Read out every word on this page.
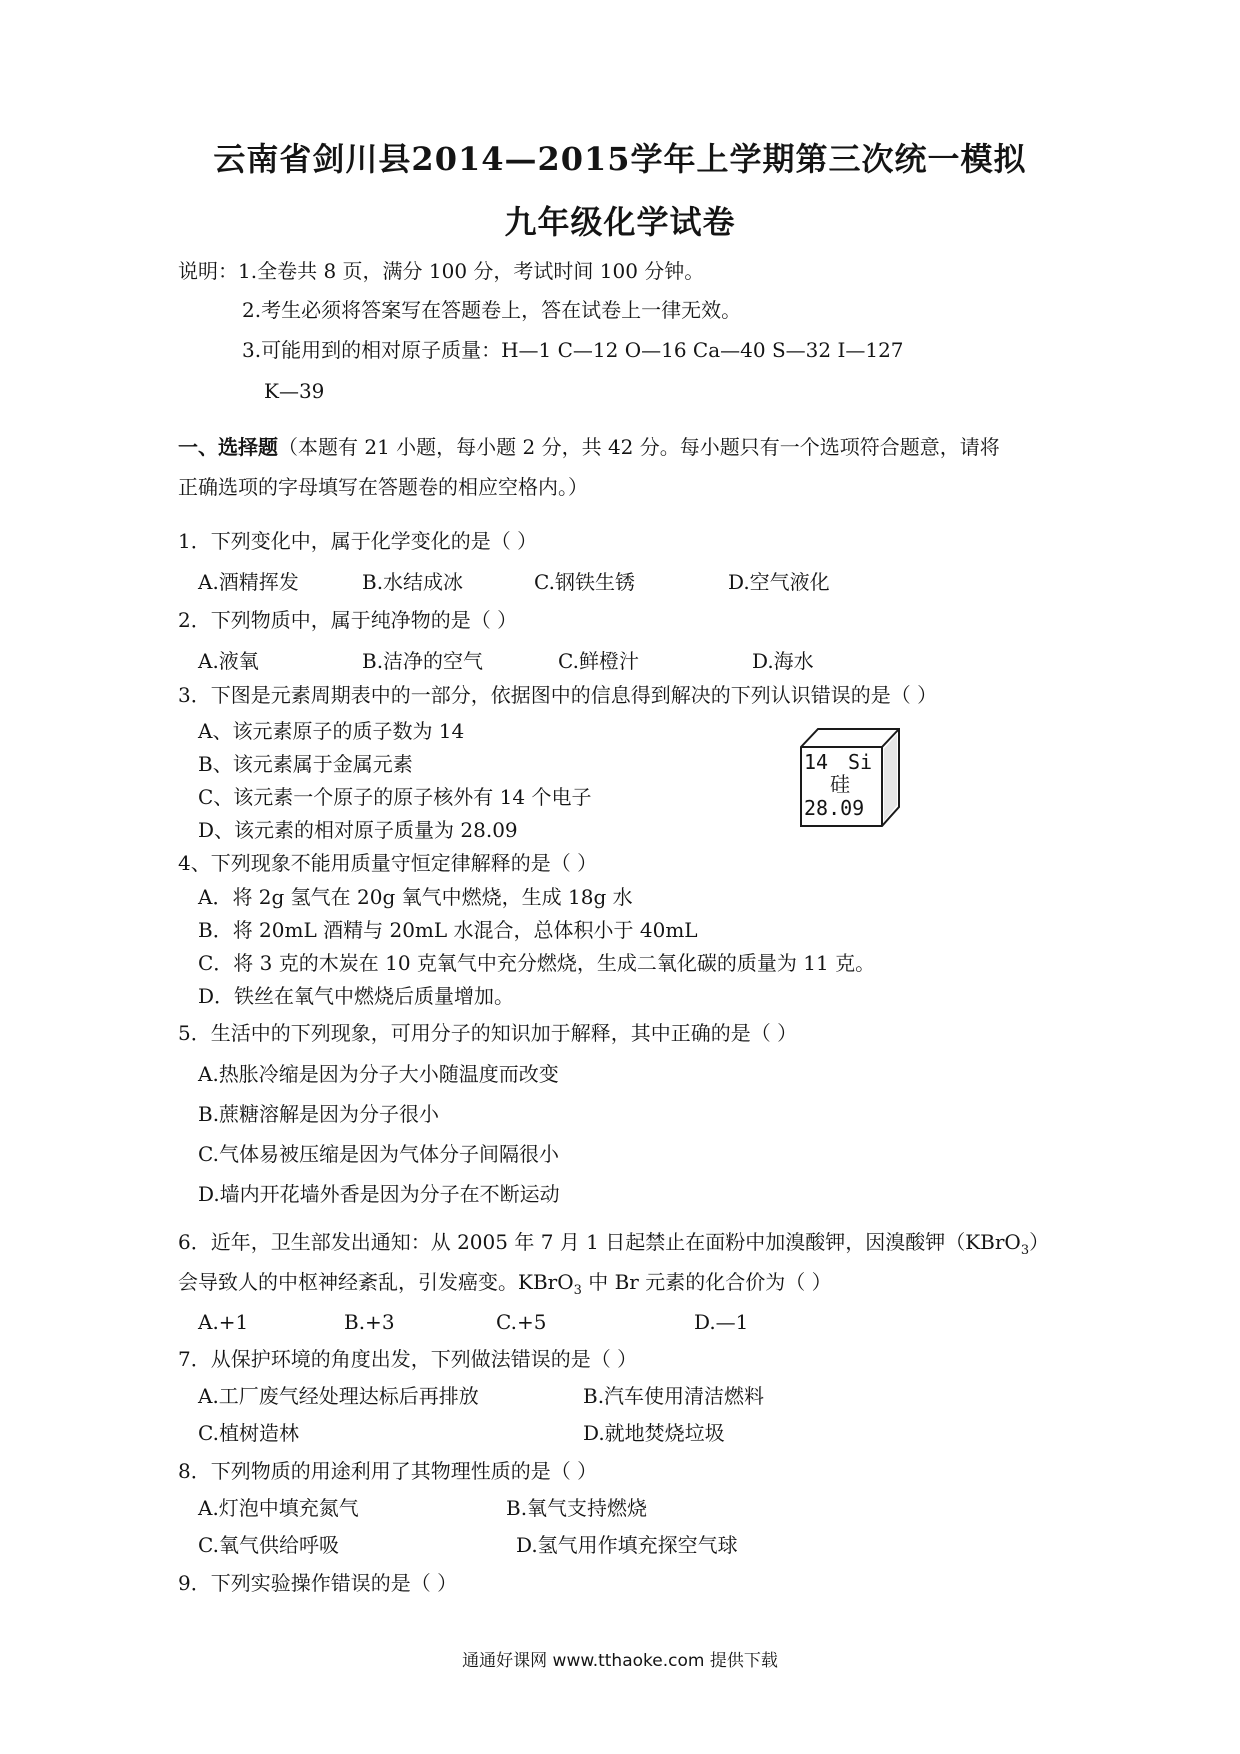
云南省剑川县2014—2015学年上学期第三次统一模拟
九年级化学试卷
说明：1.全卷共 8 页，满分 100 分，考试时间 100 分钟。
2.考生必须将答案写在答题卷上，答在试卷上一律无效。
3.可能用到的相对原子质量：H—1 C—12 O—16 Ca—40 S—32 I—127
K—39
一、选择题（本题有 21 小题，每小题 2 分，共 42 分。每小题只有一个选项符合题意，请将
正确选项的字母填写在答题卷的相应空格内。）
1．下列变化中，属于化学变化的是（ ）
A.酒精挥发	B.水结成冰	C.钢铁生锈	D.空气液化
2．下列物质中，属于纯净物的是（ ）
A.液氧	B.洁净的空气	C.鲜橙汁	D.海水
3．下图是元素周期表中的一部分，依据图中的信息得到解决的下列认识错误的是（ ）
A、该元素原子的质子数为 14
B、该元素属于金属元素
C、该元素一个原子的原子核外有 14 个电子
D、该元素的相对原子质量为 28.09
14 Si
硅
28.09
4、下列现象不能用质量守恒定律解释的是（ ）
A．将 2g 氢气在 20g 氧气中燃烧，生成 18g 水
B．将 20mL 酒精与 20mL 水混合，总体积小于 40mL
C．将 3 克的木炭在 10 克氧气中充分燃烧，生成二氧化碳的质量为 11 克。
D．铁丝在氧气中燃烧后质量增加。
5．生活中的下列现象，可用分子的知识加于解释，其中正确的是（ ）
A.热胀冷缩是因为分子大小随温度而改变
B.蔗糖溶解是因为分子很小
C.气体易被压缩是因为气体分子间隔很小
D.墙内开花墙外香是因为分子在不断运动
6．近年，卫生部发出通知：从 2005 年 7 月 1 日起禁止在面粉中加溴酸钾，因溴酸钾（KBrO$_3$）
会导致人的中枢神经紊乱，引发癌变。KBrO$_3$ 中 Br 元素的化合价为（ ）
A.+1	B.+3	C.+5	D.—1
7．从保护环境的角度出发，下列做法错误的是（ ）
A.工厂废气经处理达标后再排放	B.汽车使用清洁燃料
C.植树造林	D.就地焚烧垃圾
8．下列物质的用途利用了其物理性质的是（ ）
A.灯泡中填充氮气	B.氧气支持燃烧
C.氧气供给呼吸	D.氢气用作填充探空气球
9．下列实验操作错误的是（ ）
通通好课网 www.tthaoke.com 提供下载
